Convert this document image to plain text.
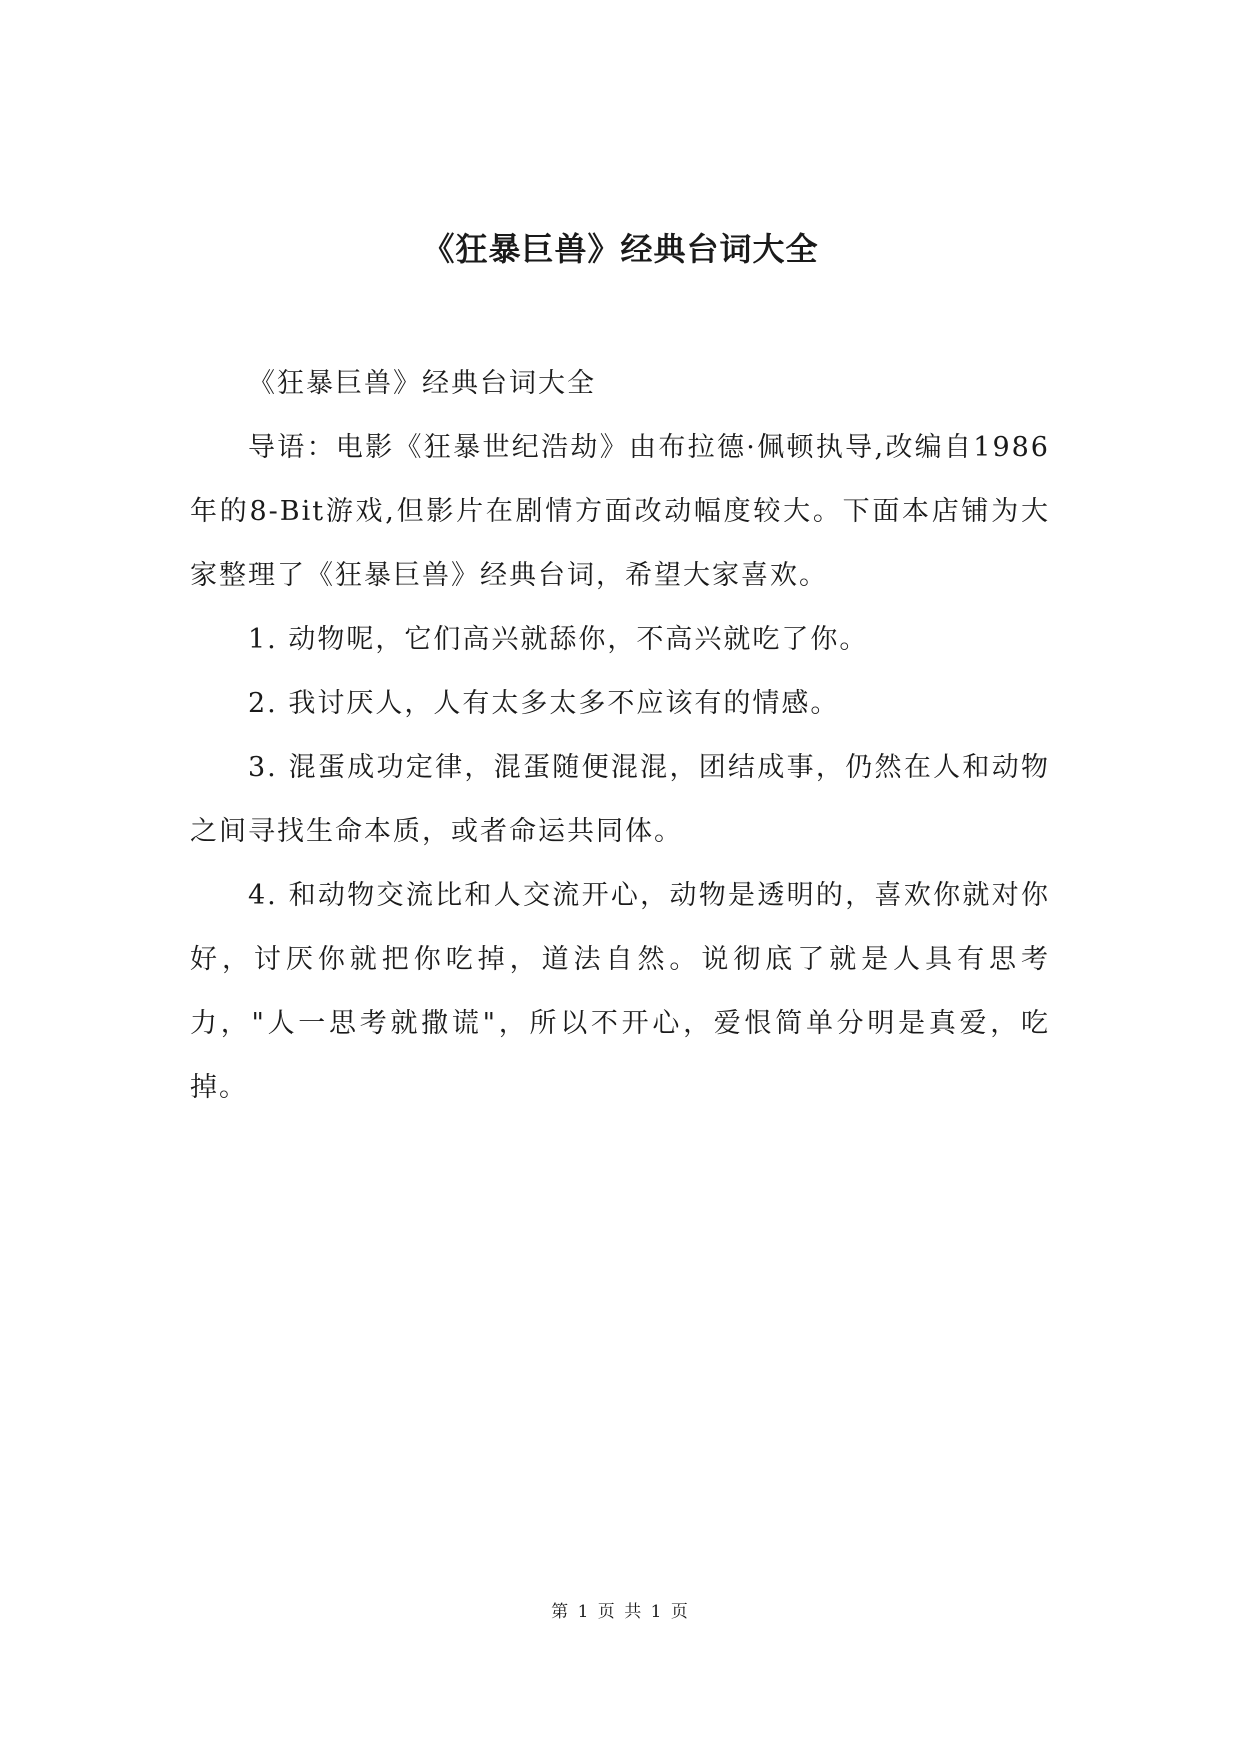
《狂暴巨兽》经典台词大全

《狂暴巨兽》经典台词大全

导语：电影《狂暴世纪浩劫》由布拉德·佩顿执导,改编自1986年的8-Bit游戏,但影片在剧情方面改动幅度较大。下面本店铺为大家整理了《狂暴巨兽》经典台词，希望大家喜欢。

1. 动物呢，它们高兴就舔你，不高兴就吃了你。

2. 我讨厌人，人有太多太多不应该有的情感。

3. 混蛋成功定律，混蛋随便混混，团结成事，仍然在人和动物之间寻找生命本质，或者命运共同体。

4. 和动物交流比和人交流开心，动物是透明的，喜欢你就对你好，讨厌你就把你吃掉，道法自然。说彻底了就是人具有思考力，"人一思考就撒谎"，所以不开心，爱恨简单分明是真爱，吃掉。

第 1 页 共 1 页
